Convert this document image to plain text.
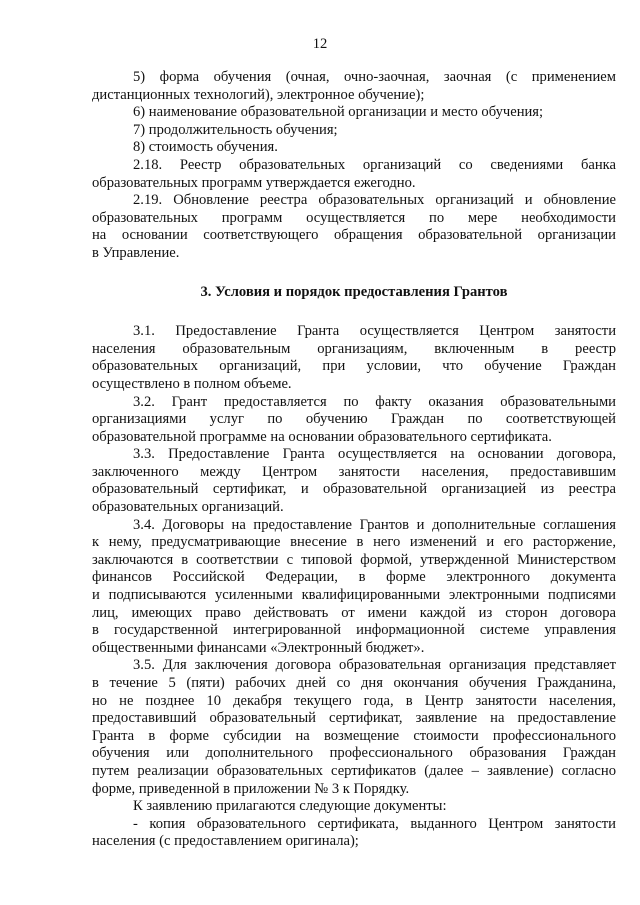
12

5) форма обучения (очная, очно-заочная, заочная (с применением

дистанционных технологий), электронное обучение);

6) наименование образовательной организации и место обучения;

7) продолжительность обучения;

8) стоимость обучения.

2.18. Реестр образовательных организаций со сведениями банка

образовательных программ утверждается ежегодно.

2.19. Обновление реестра образовательных организаций и обновление

образовательных программ осуществляется по мере необходимости

на основании соответствующего обращения образовательной организации

в Управление.

3. Условия и порядок предоставления Грантов

3.1. Предоставление Гранта осуществляется Центром занятости

населения образовательным организациям, включенным в реестр

образовательных организаций, при условии, что обучение Граждан

осуществлено в полном объеме.

3.2. Грант предоставляется по факту оказания образовательными

организациями услуг по обучению Граждан по соответствующей

образовательной программе на основании образовательного сертификата.

3.3. Предоставление Гранта осуществляется на основании договора,

заключенного между Центром занятости населения, предоставившим

образовательный сертификат, и образовательной организацией из реестра

образовательных организаций.

3.4. Договоры на предоставление Грантов и дополнительные соглашения

к нему, предусматривающие внесение в него изменений и его расторжение,

заключаются в соответствии с типовой формой, утвержденной Министерством

финансов Российской Федерации, в форме электронного документа

и подписываются усиленными квалифицированными электронными подписями

лиц, имеющих право действовать от имени каждой из сторон договора

в государственной интегрированной информационной системе управления

общественными финансами «Электронный бюджет».

3.5. Для заключения договора образовательная организация представляет

в течение 5 (пяти) рабочих дней со дня окончания обучения Гражданина,

но не позднее 10 декабря текущего года, в Центр занятости населения,

предоставивший образовательный сертификат, заявление на предоставление

Гранта в форме субсидии на возмещение стоимости профессионального

обучения или дополнительного профессионального образования Граждан

путем реализации образовательных сертификатов (далее – заявление) согласно

форме, приведенной в приложении № 3 к Порядку.

К заявлению прилагаются следующие документы:

- копия образовательного сертификата, выданного Центром занятости

населения (с предоставлением оригинала);
